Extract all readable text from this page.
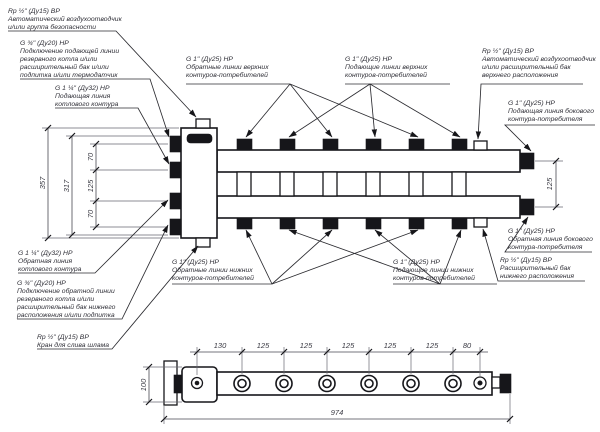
357 317
70
125
70
125
Rp ½" (Ду15) ВР
Автоматический воздухоотводчик
и/или группа безопасности
G ¾" (Ду20) НР
Подключение подающей линии
резервного котла и/или
расширительный бак и/или
подпитка и/или термодатчик
G 1 ¼" (Ду32) НР
Подающая линия
котлового контура
G 1" (Ду25) НР
Обратные линии верхних
контуров-потребителей
G 1" (Ду25) НР
Подающие линии верхних
контуров-потребителей
Rp ½" (Ду15) ВР
Автоматический воздухоотводчик
и/или расширительный бак
верхнего расположения
G 1" (Ду25) НР
Подающая линия бокового
контура-потребителя
G 1" (Ду25) НР
Обратная линия бокового
контура-потребителя
Rp ½" (Ду15) ВР
Расширительный бак
нижнего расположения
G 1 ¼" (Ду32) НР
Обратная линия
котлового контура
G ¾" (Ду20) НР
Подключение обратной линии
резервного котла и/или
расширительный бак нижнего
расположения и/или подпитка
Rp ½" (Ду15) ВР
Кран для слива шлама
G 1" (Ду25) НР
Обратные линии нижних
контуров-потребителей
G 1" (Ду25) НР
Подающие линии нижних
контуров-потребителей
130	125	125	125	125	125	80
974
100
